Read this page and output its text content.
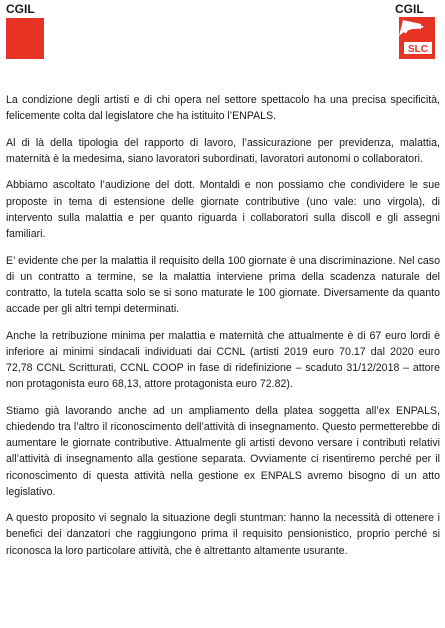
CGIL	CGIL
SLC

La condizione degli artisti e di chi opera nel settore spettacolo ha una precisa specificità, felicemente colta dal legislatore che ha istituito l’ENPALS.

Al di là della tipologia del rapporto di lavoro, l’assicurazione per previdenza, malattia, maternità è la medesima, siano lavoratori subordinati, lavoratori autonomi o collaboratori.

Abbiamo ascoltato l’audizione del dott. Montaldi e non possiamo che condividere le sue proposte in tema di estensione delle giornate contributive (uno vale: uno virgola), di intervento sulla malattia e per quanto riguarda i collaboratori sulla discoll e gli assegni familiari.

E’ evidente che per la malattia il requisito della 100 giornate è una discriminazione. Nel caso di un contratto a termine, se la malattia interviene prima della scadenza naturale del contratto, la tutela scatta solo se si sono maturate le 100 giornate. Diversamente da quanto accade per gli altri tempi determinati.

Anche la retribuzione minima per malattia e maternità che attualmente è di 67 euro lordi è inferiore ai minimi sindacali individuati dai CCNL (artisti 2019 euro 70.17 dal 2020 euro 72,78 CCNL Scritturati, CCNL COOP in fase di ridefinizione – scaduto 31/12/2018 – attore non protagonista euro 68,13, attore protagonista euro 72.82).

Stiamo già lavorando anche ad un ampliamento della platea soggetta all’ex ENPALS, chiedendo tra l’altro il riconoscimento dell’attività di insegnamento. Questo permetterebbe di aumentare le giornate contributive. Attualmente gli artisti devono versare i contributi relativi all’attività di insegnamento alla gestione separata. Ovviamente ci risentiremo perché per il riconoscimento di questa attività nella gestione ex ENPALS avremo bisogno di un atto legislativo.

A questo proposito vi segnalo la situazione degli stuntman: hanno la necessità di ottenere i benefici dei danzatori che raggiungono prima il requisito pensionistico, proprio perché si riconosca la loro particolare attività, che è altrettanto altamente usurante.
